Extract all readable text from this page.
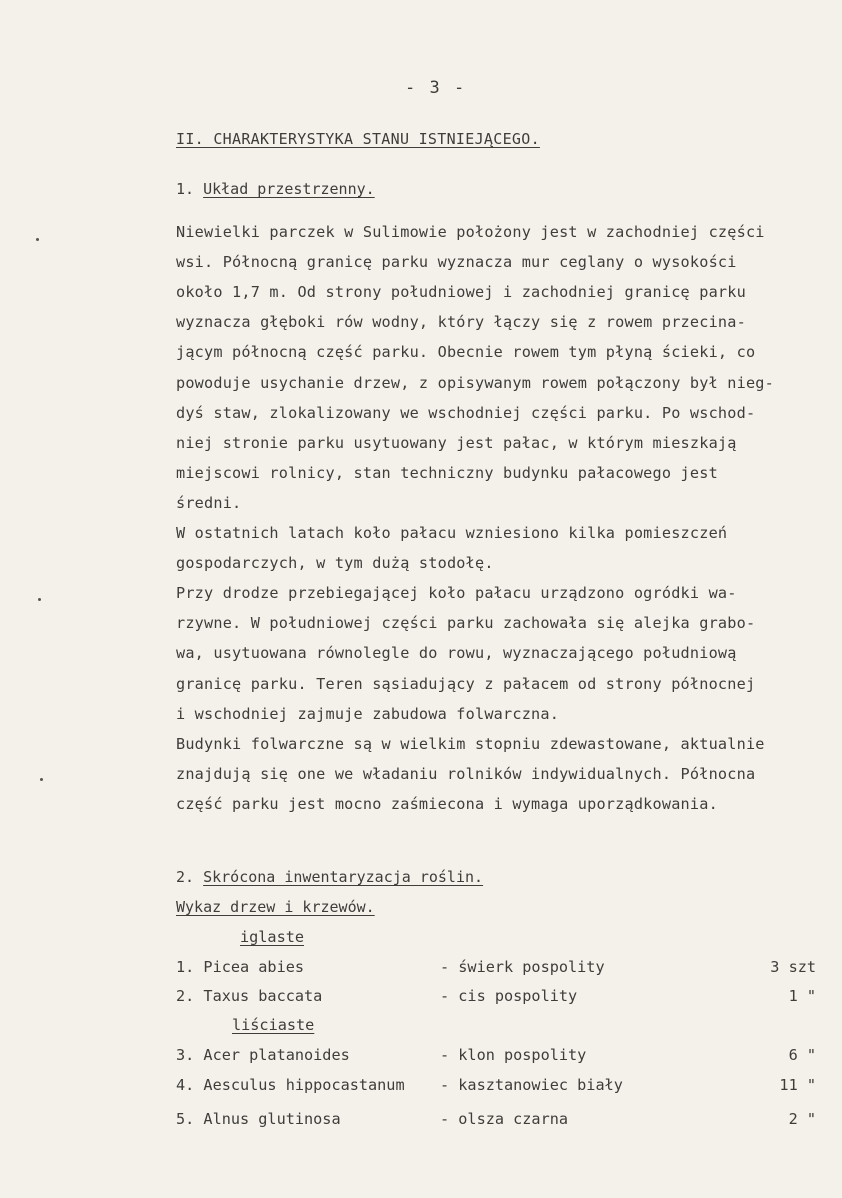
- 3 -
II. CHARAKTERYSTYKA STANU ISTNIEJĄCEGO.
1. Układ przestrzenny.
Niewielki parczek w Sulimowie położony jest w zachodniej części
wsi. Północną granicę parku wyznacza mur ceglany o wysokości
około 1,7 m. Od strony południowej i zachodniej granicę parku
wyznacza głęboki rów wodny, który łączy się z rowem przecina-
jącym północną część parku. Obecnie rowem tym płyną ścieki, co
powoduje usychanie drzew, z opisywanym rowem połączony był nieg-
dyś staw, zlokalizowany we wschodniej części parku. Po wschod-
niej stronie parku usytuowany jest pałac, w którym mieszkają
miejscowi rolnicy, stan techniczny budynku pałacowego jest
średni.
W ostatnich latach koło pałacu wzniesiono kilka pomieszczeń
gospodarczych, w tym dużą stodołę.
Przy drodze przebiegającej koło pałacu urządzono ogródki wa-
rzywne. W południowej części parku zachowała się alejka grabo-
wa, usytuowana równolegle do rowu, wyznaczającego południową
granicę parku. Teren sąsiadujący z pałacem od strony północnej
i wschodniej zajmuje zabudowa folwarczna.
Budynki folwarczne są w wielkim stopniu zdewastowane, aktualnie
znajdują się one we władaniu rolników indywidualnych. Północna
część parku jest mocno zaśmiecona i wymaga uporządkowania.
2. Skrócona inwentaryzacja roślin.
Wykaz drzew i krzewów.
iglaste
1. Picea abies	- świerk pospolity	3 szt
2. Taxus baccata	- cis pospolity	1 "
liściaste
3. Acer platanoides	- klon pospolity	6 "
4. Aesculus hippocastanum - kasztanowiec biały	11 "
5. Alnus glutinosa	- olsza czarna	2 "
